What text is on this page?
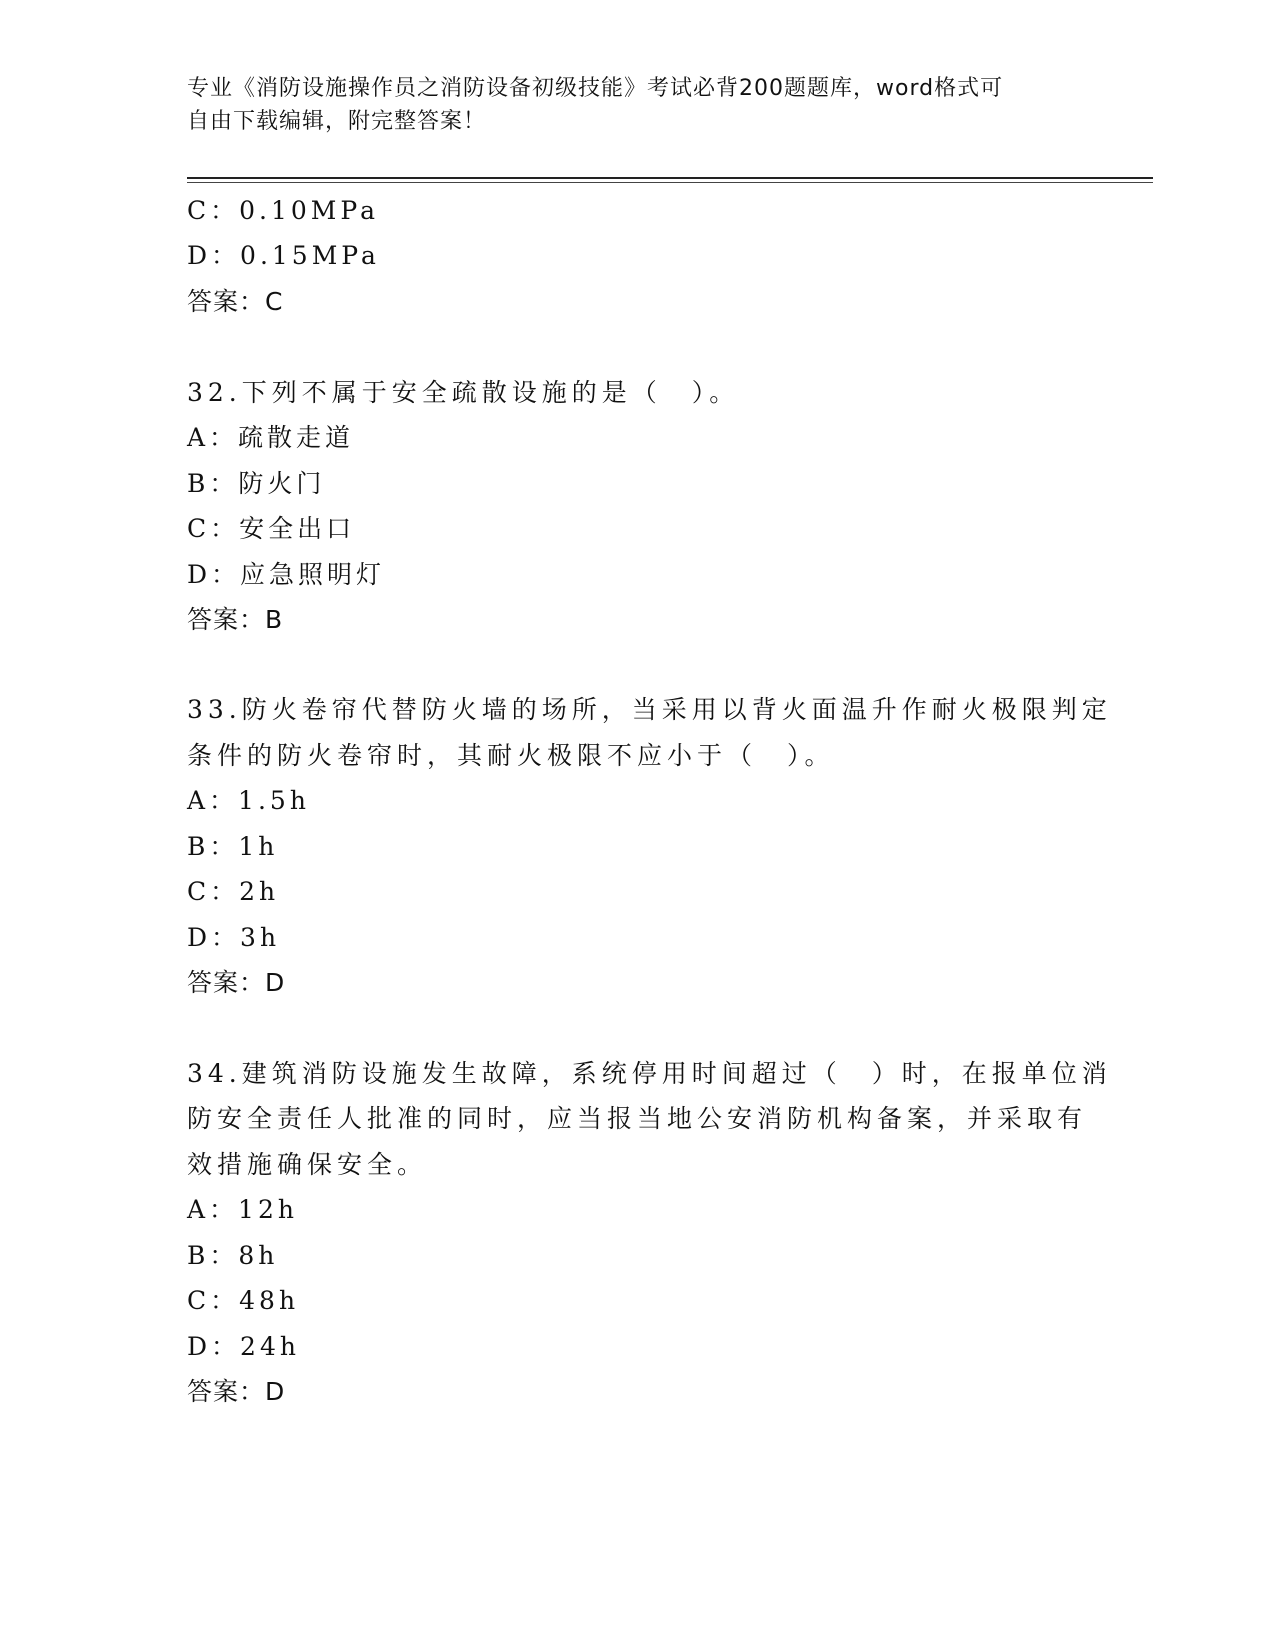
专业《消防设施操作员之消防设备初级技能》考试必背200题题库，word格式可
自由下载编辑，附完整答案！
C：0.10MPa
D：0.15MPa
答案：C
32.下列不属于安全疏散设施的是（　）。
A：疏散走道
B：防火门
C：安全出口
D：应急照明灯
答案：B
33.防火卷帘代替防火墙的场所，当采用以背火面温升作耐火极限判定
条件的防火卷帘时，其耐火极限不应小于（　）。
A：1.5h
B：1h
C：2h
D：3h
答案：D
34.建筑消防设施发生故障，系统停用时间超过（　）时，在报单位消
防安全责任人批准的同时，应当报当地公安消防机构备案，并采取有
效措施确保安全。
A：12h
B：8h
C：48h
D：24h
答案：D
